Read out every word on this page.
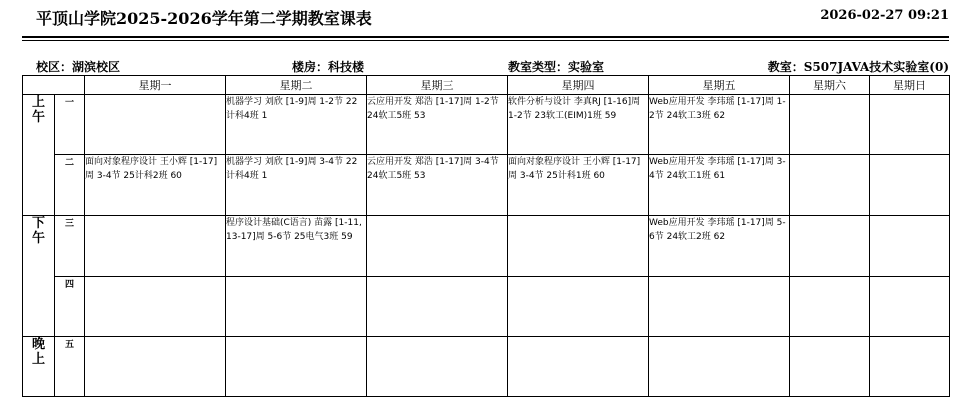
平顶山学院2025-2026学年第二学期教室课表	2026-02-27 09:21
校区：湖滨校区	楼房：科技楼	教室类型：实验室	教室：S507JAVA技术实验室(0)
		星期一	星期二	星期三	星期四	星期五	星期六	星期日
上午	一		机器学习 刘欣 [1-9]周 1-2节 22计科4班 1	云应用开发 郑浩 [1-17]周 1-2节 24软工5班 53	软件分析与设计 李真RJ [1-16]周 1-2节 23软工(EIM)1班 59	Web应用开发 李玮瑶 [1-17]周 1-2节 24软工3班 62		
	二	面向对象程序设计 王小辉 [1-17]周 3-4节 25计科2班 60	机器学习 刘欣 [1-9]周 3-4节 22计科4班 1	云应用开发 郑浩 [1-17]周 3-4节 24软工5班 53	面向对象程序设计 王小辉 [1-17]周 3-4节 25计科1班 60	Web应用开发 李玮瑶 [1-17]周 3-4节 24软工1班 61		
下午	三		程序设计基础(C语言) 苗露 [1-11,13-17]周 5-6节 25电气3班 59			Web应用开发 李玮瑶 [1-17]周 5-6节 24软工2班 62		
	四							
晚上	五							
